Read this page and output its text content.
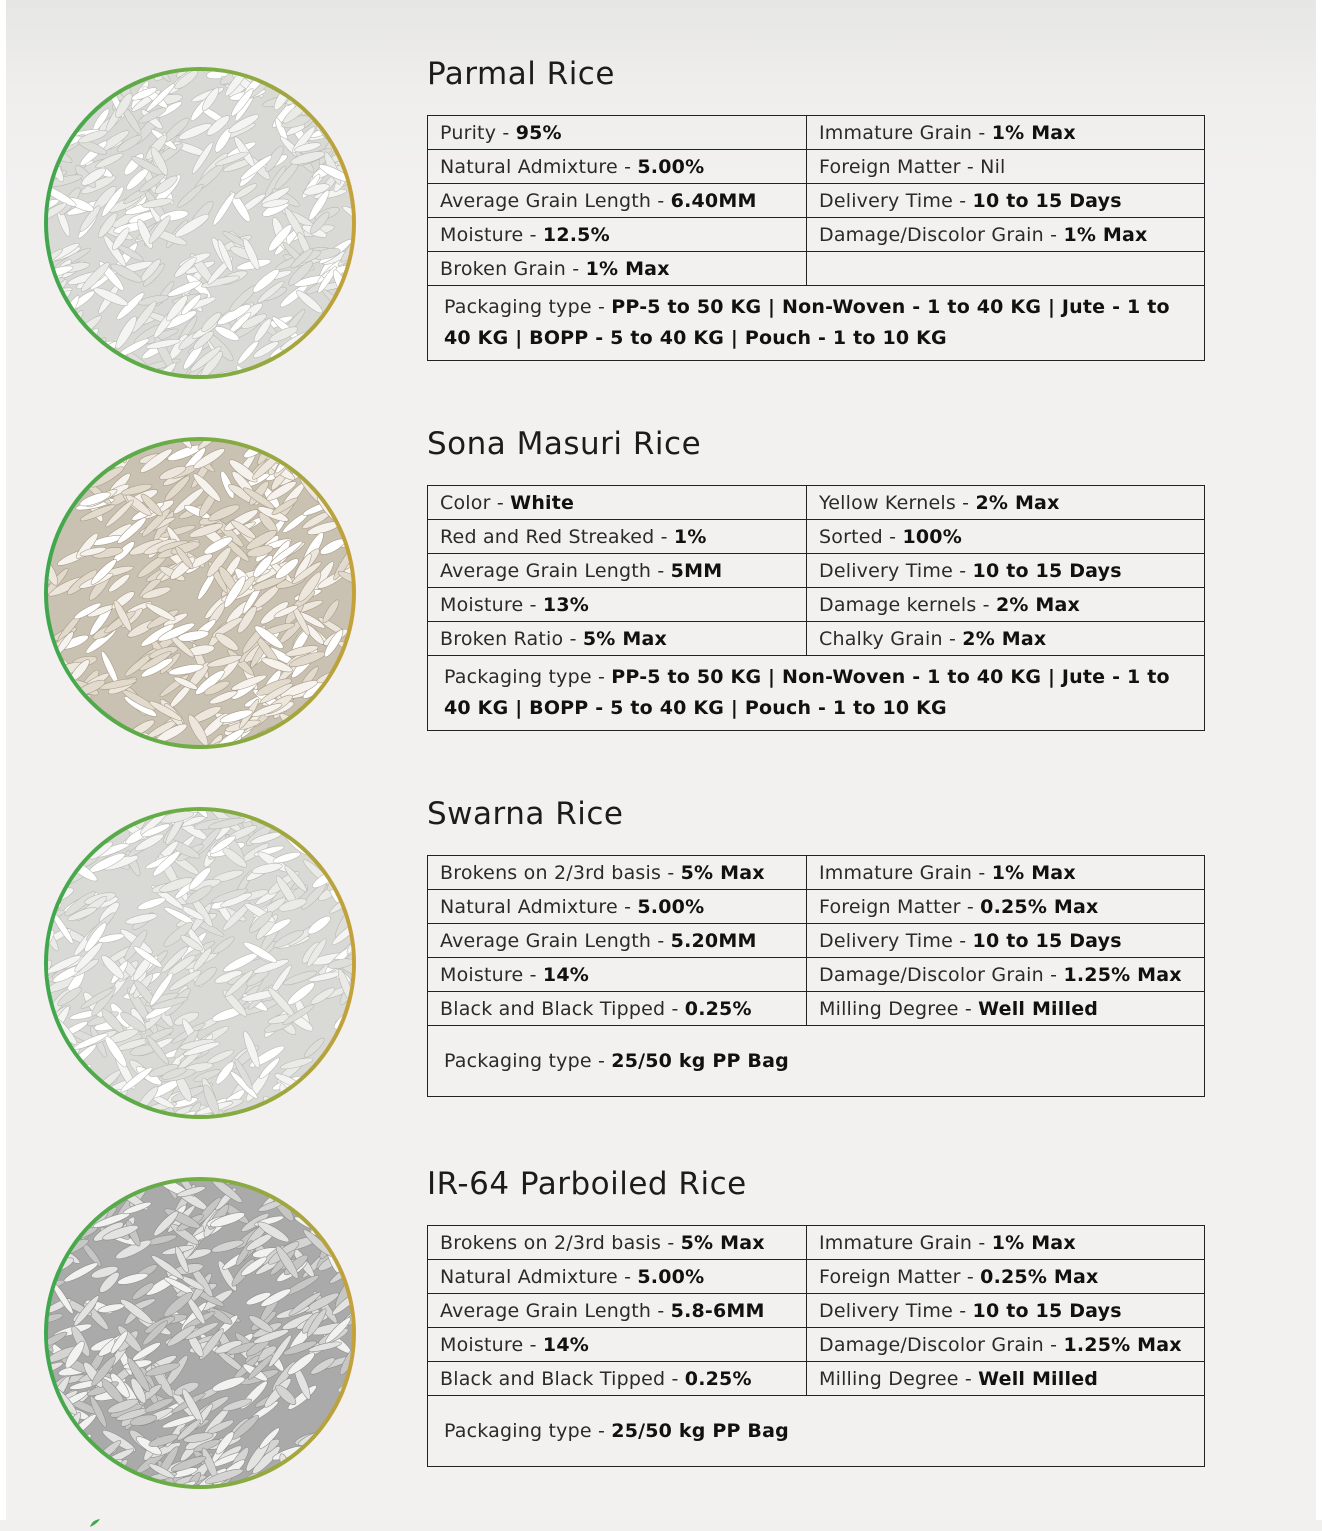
Parmal Rice
Purity - 95%	Immature Grain - 1% Max
Natural Admixture - 5.00%	Foreign Matter - Nil
Average Grain Length - 6.40MM	Delivery Time - 10 to 15 Days
Moisture - 12.5%	Damage/Discolor Grain - 1% Max
Broken Grain - 1% Max	
Packaging type - PP-5 to 50 KG | Non-Woven - 1 to 40 KG | Jute - 1 to 40 KG | BOPP - 5 to 40 KG | Pouch - 1 to 10 KG	
Sona Masuri Rice
Color - White	Yellow Kernels - 2% Max
Red and Red Streaked - 1%	Sorted - 100%
Average Grain Length - 5MM	Delivery Time - 10 to 15 Days
Moisture - 13%	Damage kernels - 2% Max
Broken Ratio - 5% Max	Chalky Grain - 2% Max
Packaging type - PP-5 to 50 KG | Non-Woven - 1 to 40 KG | Jute - 1 to 40 KG | BOPP - 5 to 40 KG | Pouch - 1 to 10 KG	
Swarna Rice
Brokens on 2/3rd basis - 5% Max	Immature Grain - 1% Max
Natural Admixture - 5.00%	Foreign Matter - 0.25% Max
Average Grain Length - 5.20MM	Delivery Time - 10 to 15 Days
Moisture - 14%	Damage/Discolor Grain - 1.25% Max
Black and Black Tipped - 0.25%	Milling Degree - Well Milled
Packaging type - 25/50 kg PP Bag	
IR-64 Parboiled Rice
Brokens on 2/3rd basis - 5% Max	Immature Grain - 1% Max
Natural Admixture - 5.00%	Foreign Matter - 0.25% Max
Average Grain Length - 5.8-6MM	Delivery Time - 10 to 15 Days
Moisture - 14%	Damage/Discolor Grain - 1.25% Max
Black and Black Tipped - 0.25%	Milling Degree - Well Milled
Packaging type - 25/50 kg PP Bag	
